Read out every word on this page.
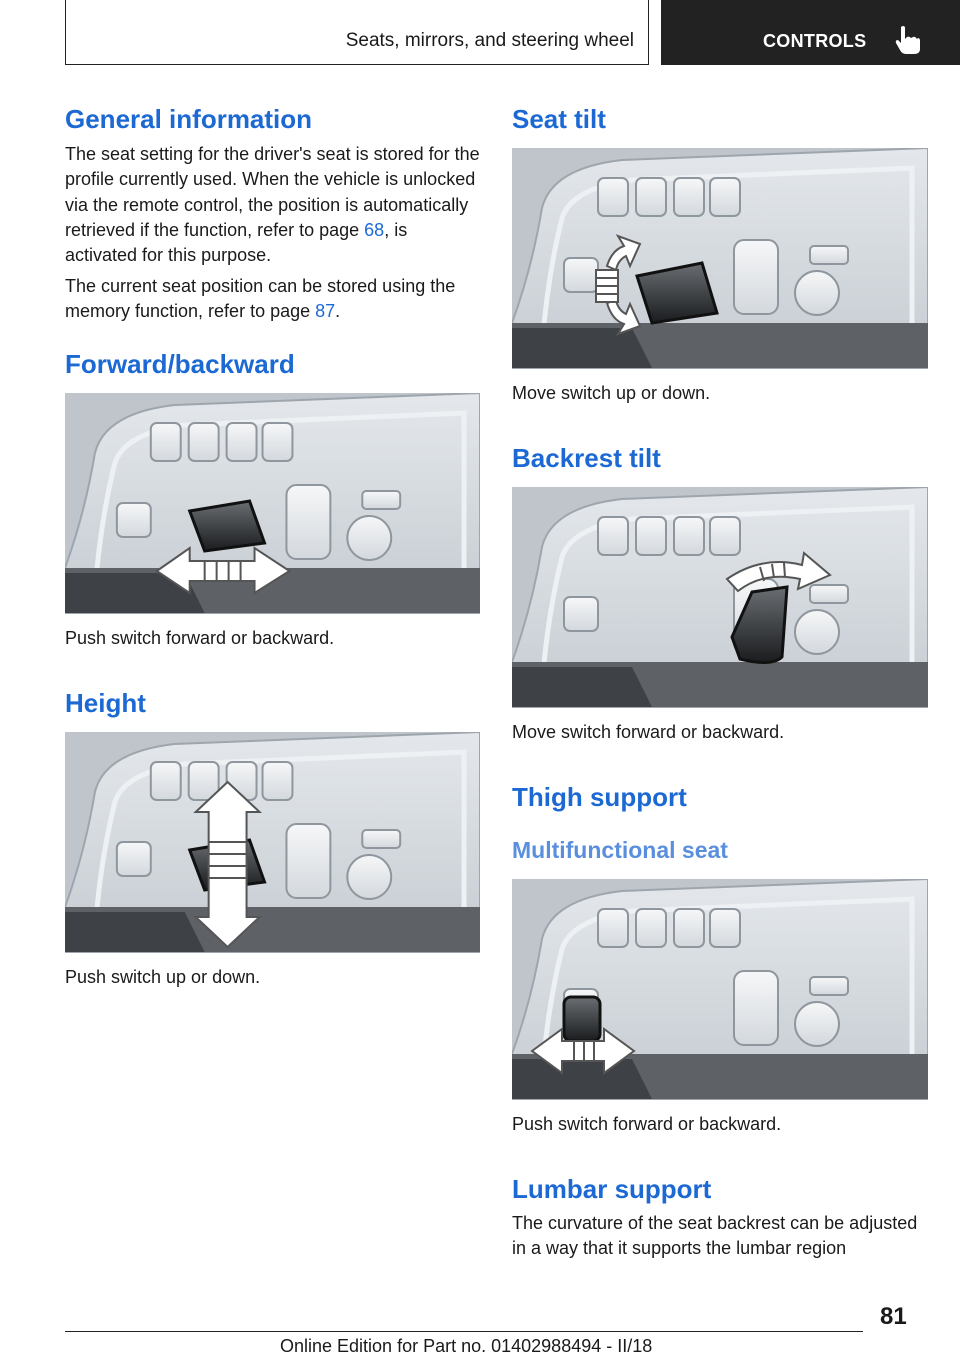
Seats, mirrors, and steering wheel	CONTROLS
General information

The seat setting for the driver's seat is stored for the profile currently used. When the vehicle is unlocked via the remote control, the position is automatically retrieved if the function, refer to page 68, is activated for this purpose.

The current seat position can be stored using the memory function, refer to page 87.

Forward/backward
Push switch forward or backward.
Height
Push switch up or down.
Seat tilt
Move switch up or down.
Backrest tilt
Move switch forward or backward.
Thigh support
Multifunctional seat
Push switch forward or backward.
Lumbar support

The curvature of the seat backrest can be adjusted in a way that it supports the lumbar region

81
Online Edition for Part no. 01402988494 - II/18
